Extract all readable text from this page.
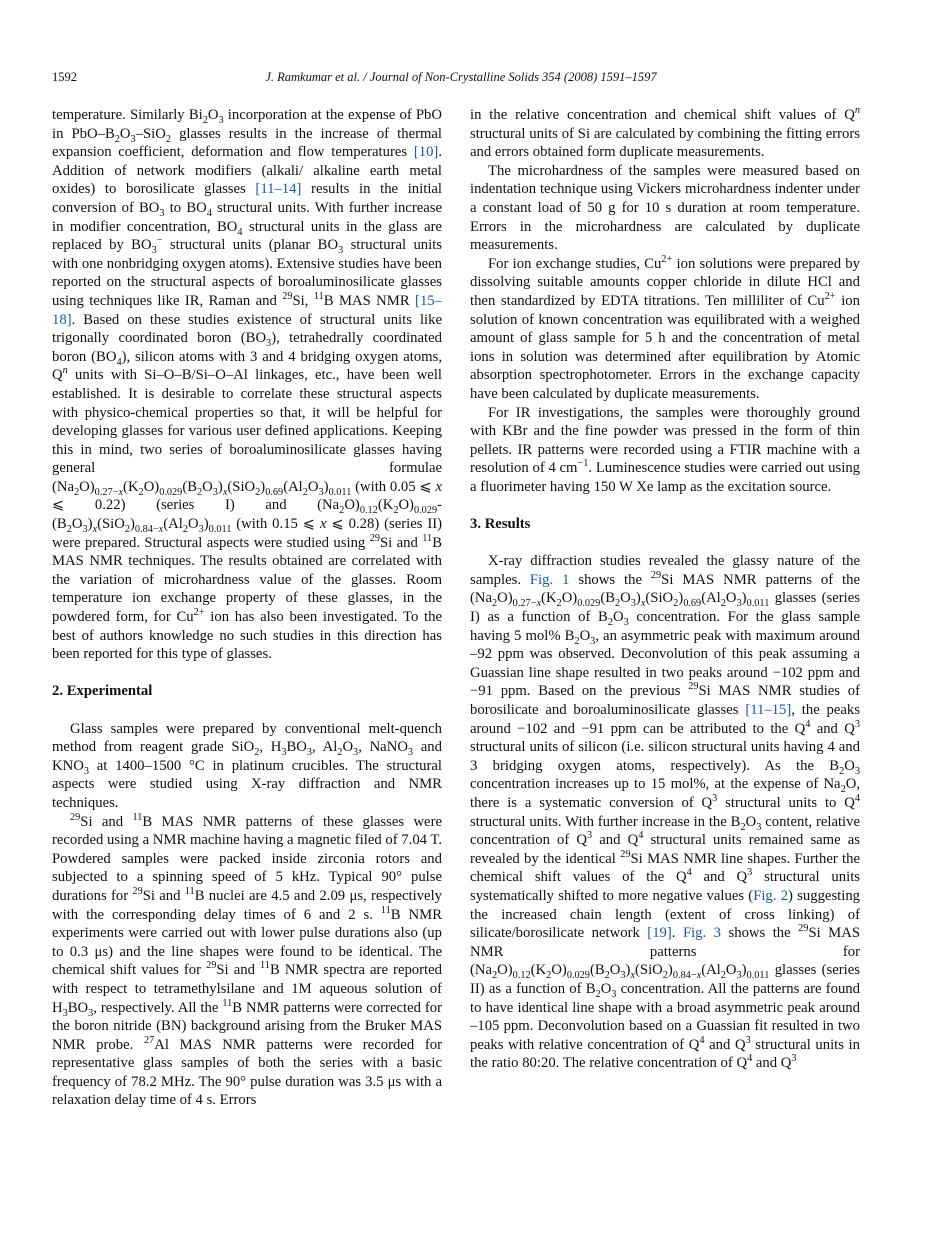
1592	J. Ramkumar et al. / Journal of Non-Crystalline Solids 354 (2008) 1591–1597

temperature. Similarly $Bi_2O_3$ incorporation at the expense of PbO in PbO–$B_2O_3-SiO_2$ glasses results in the increase of thermal expansion coefficient, deformation and flow temperatures [10]. Addition of network modifiers (alkali/ alkaline earth metal oxides) to borosilicate glasses [11–14] results in the initial conversion of $BO_3$ to $BO_4$ structural units. With further increase in modifier concentration, $BO_4$ structural units in the glass are replaced by $BO_3^-$ structural units (planar $BO_3$ structural units with one nonbridging oxygen atoms). Extensive studies have been reported on the structural aspects of boroaluminosilicate glasses using techniques like IR, Raman and $^{29}$Si, $^{11}$B MAS NMR [15–18]. Based on these studies existence of structural units like trigonally coordinated boron $(BO_3)$, tetrahedrally coordinated boron $(BO_4)$, silicon atoms with 3 and 4 bridging oxygen atoms, $Q^n$ units with Si–O–B/Si–O–Al linkages, etc., have been well established. It is desirable to correlate these structural aspects with physico-chemical properties so that, it will be helpful for developing glasses for various user defined applications. Keeping this in mind, two series of boroaluminosilicate glasses having general formulae $(Na_2O)_{0.27-x}(K_2O)_{0.029}(B_2O_3)_x(SiO_2)_{0.69}(Al_2O_3)_{0.011}$ (with 0.05 ⩽ x ⩽ 0.22) (series I) and $(Na_2O)_{0.12}(K_2O)_{0.029}-$ $(B_2O_3)_x(SiO_2)_{0.84-x}(Al_2O_3)_{0.011}$ (with 0.15 ⩽ x ⩽ 0.28) (series II) were prepared. Structural aspects were studied using $^{29}$Si and $^{11}$B MAS NMR techniques. The results obtained are correlated with the variation of microhardness value of the glasses. Room temperature ion exchange property of these glasses, in the powdered form, for $Cu^{2+}$ ion has also been investigated. To the best of authors knowledge no such studies in this direction has been reported for this type of glasses.

2. Experimental

Glass samples were prepared by conventional melt-quench method from reagent grade SiO$_2$, $H_3BO_3$, $Al_2O_3$, NaNO$_3$ and $KNO_3$ at 1400–1500 °C in platinum crucibles. The structural aspects were studied using X-ray diffraction and NMR techniques.

$^{29}$Si and $^{11}$B MAS NMR patterns of these glasses were recorded using a NMR machine having a magnetic filed of 7.04 T. Powdered samples were packed inside zirconia rotors and subjected to a spinning speed of 5 kHz. Typical 90° pulse durations for $^{29}$Si and $^{11}$B nuclei are 4.5 and 2.09 μs, respectively with the corresponding delay times of 6 and 2 s. $^{11}$B NMR experiments were carried out with lower pulse durations also (up to 0.3 μs) and the line shapes were found to be identical. The chemical shift values for $^{29}$Si and $^{11}$B NMR spectra are reported with respect to tetramethylsilane and 1M aqueous solution of $H_3BO_3$, respectively. All the $^{11}$B NMR patterns were corrected for the boron nitride (BN) background arising from the Bruker MAS NMR probe. $^{27}$Al MAS NMR patterns were recorded for representative glass samples of both the series with a basic frequency of 78.2 MHz. The 90° pulse duration was 3.5 μs with a relaxation delay time of 4 s. Errors

in the relative concentration and chemical shift values of $Q^n$ structural units of Si are calculated by combining the fitting errors and errors obtained form duplicate measurements.

The microhardness of the samples were measured based on indentation technique using Vickers microhardness indenter under a constant load of 50 g for 10 s duration at room temperature. Errors in the microhardness are calculated by duplicate measurements.

For ion exchange studies, $Cu^{2+}$ ion solutions were prepared by dissolving suitable amounts copper chloride in dilute HCl and then standardized by EDTA titrations. Ten milliliter of $Cu^{2+}$ ion solution of known concentration was equilibrated with a weighed amount of glass sample for 5 h and the concentration of metal ions in solution was determined after equilibration by Atomic absorption spectrophotometer. Errors in the exchange capacity have been calculated by duplicate measurements.

For IR investigations, the samples were thoroughly ground with KBr and the fine powder was pressed in the form of thin pellets. IR patterns were recorded using a FTIR machine with a resolution of 4 $cm^{-1}$. Luminescence studies were carried out using a fluorimeter having 150 W Xe lamp as the excitation source.

3. Results

X-ray diffraction studies revealed the glassy nature of the samples. Fig. 1 shows the $^{29}$Si MAS NMR patterns of the $(Na_2O)_{0.27-x}(K_2O)_{0.029}(B_2O_3)_x(SiO_2)_{0.69}(Al_2O_3)_{0.011}$ glasses (series I) as a function of $B_2O_3$ concentration. For the glass sample having 5 mol% $B_2O_3$, an asymmetric peak with maximum around –92 ppm was observed. Deconvolution of this peak assuming a Guassian line shape resulted in two peaks around −102 ppm and −91 ppm. Based on the previous $^{29}$Si MAS NMR studies of borosilicate and boroaluminosilicate glasses [11–15], the peaks around −102 and −91 ppm can be attributed to the $Q^4$ and $Q^3$ structural units of silicon (i.e. silicon structural units having 4 and 3 bridging oxygen atoms, respectively). As the $B_2O_3$ concentration increases up to 15 mol%, at the expense of $Na_2O$, there is a systematic conversion of $Q^3$ structural units to $Q^4$ structural units. With further increase in the $B_2O_3$ content, relative concentration of $Q^3$ and $Q^4$ structural units remained same as revealed by the identical $^{29}$Si MAS NMR line shapes. Further the chemical shift values of the $Q^4$ and $Q^3$ structural units systematically shifted to more negative values (Fig. 2) suggesting the increased chain length (extent of cross linking) of silicate/borosilicate network [19]. Fig. 3 shows the $^{29}$Si MAS NMR patterns for $(Na_2O)_{0.12}(K_2O)_{0.029}(B_2O_3)_x(SiO_2)_{0.84-x}(Al_2O_3)_{0.011}$ glasses (series II) as a function of $B_2O_3$ concentration. All the patterns are found to have identical line shape with a broad asymmetric peak around –105 ppm. Deconvolution based on a Guassian fit resulted in two peaks with relative concentration of $Q^4$ and $Q^3$ structural units in the ratio 80:20. The relative concentration of $Q^4$ and $Q^3$
